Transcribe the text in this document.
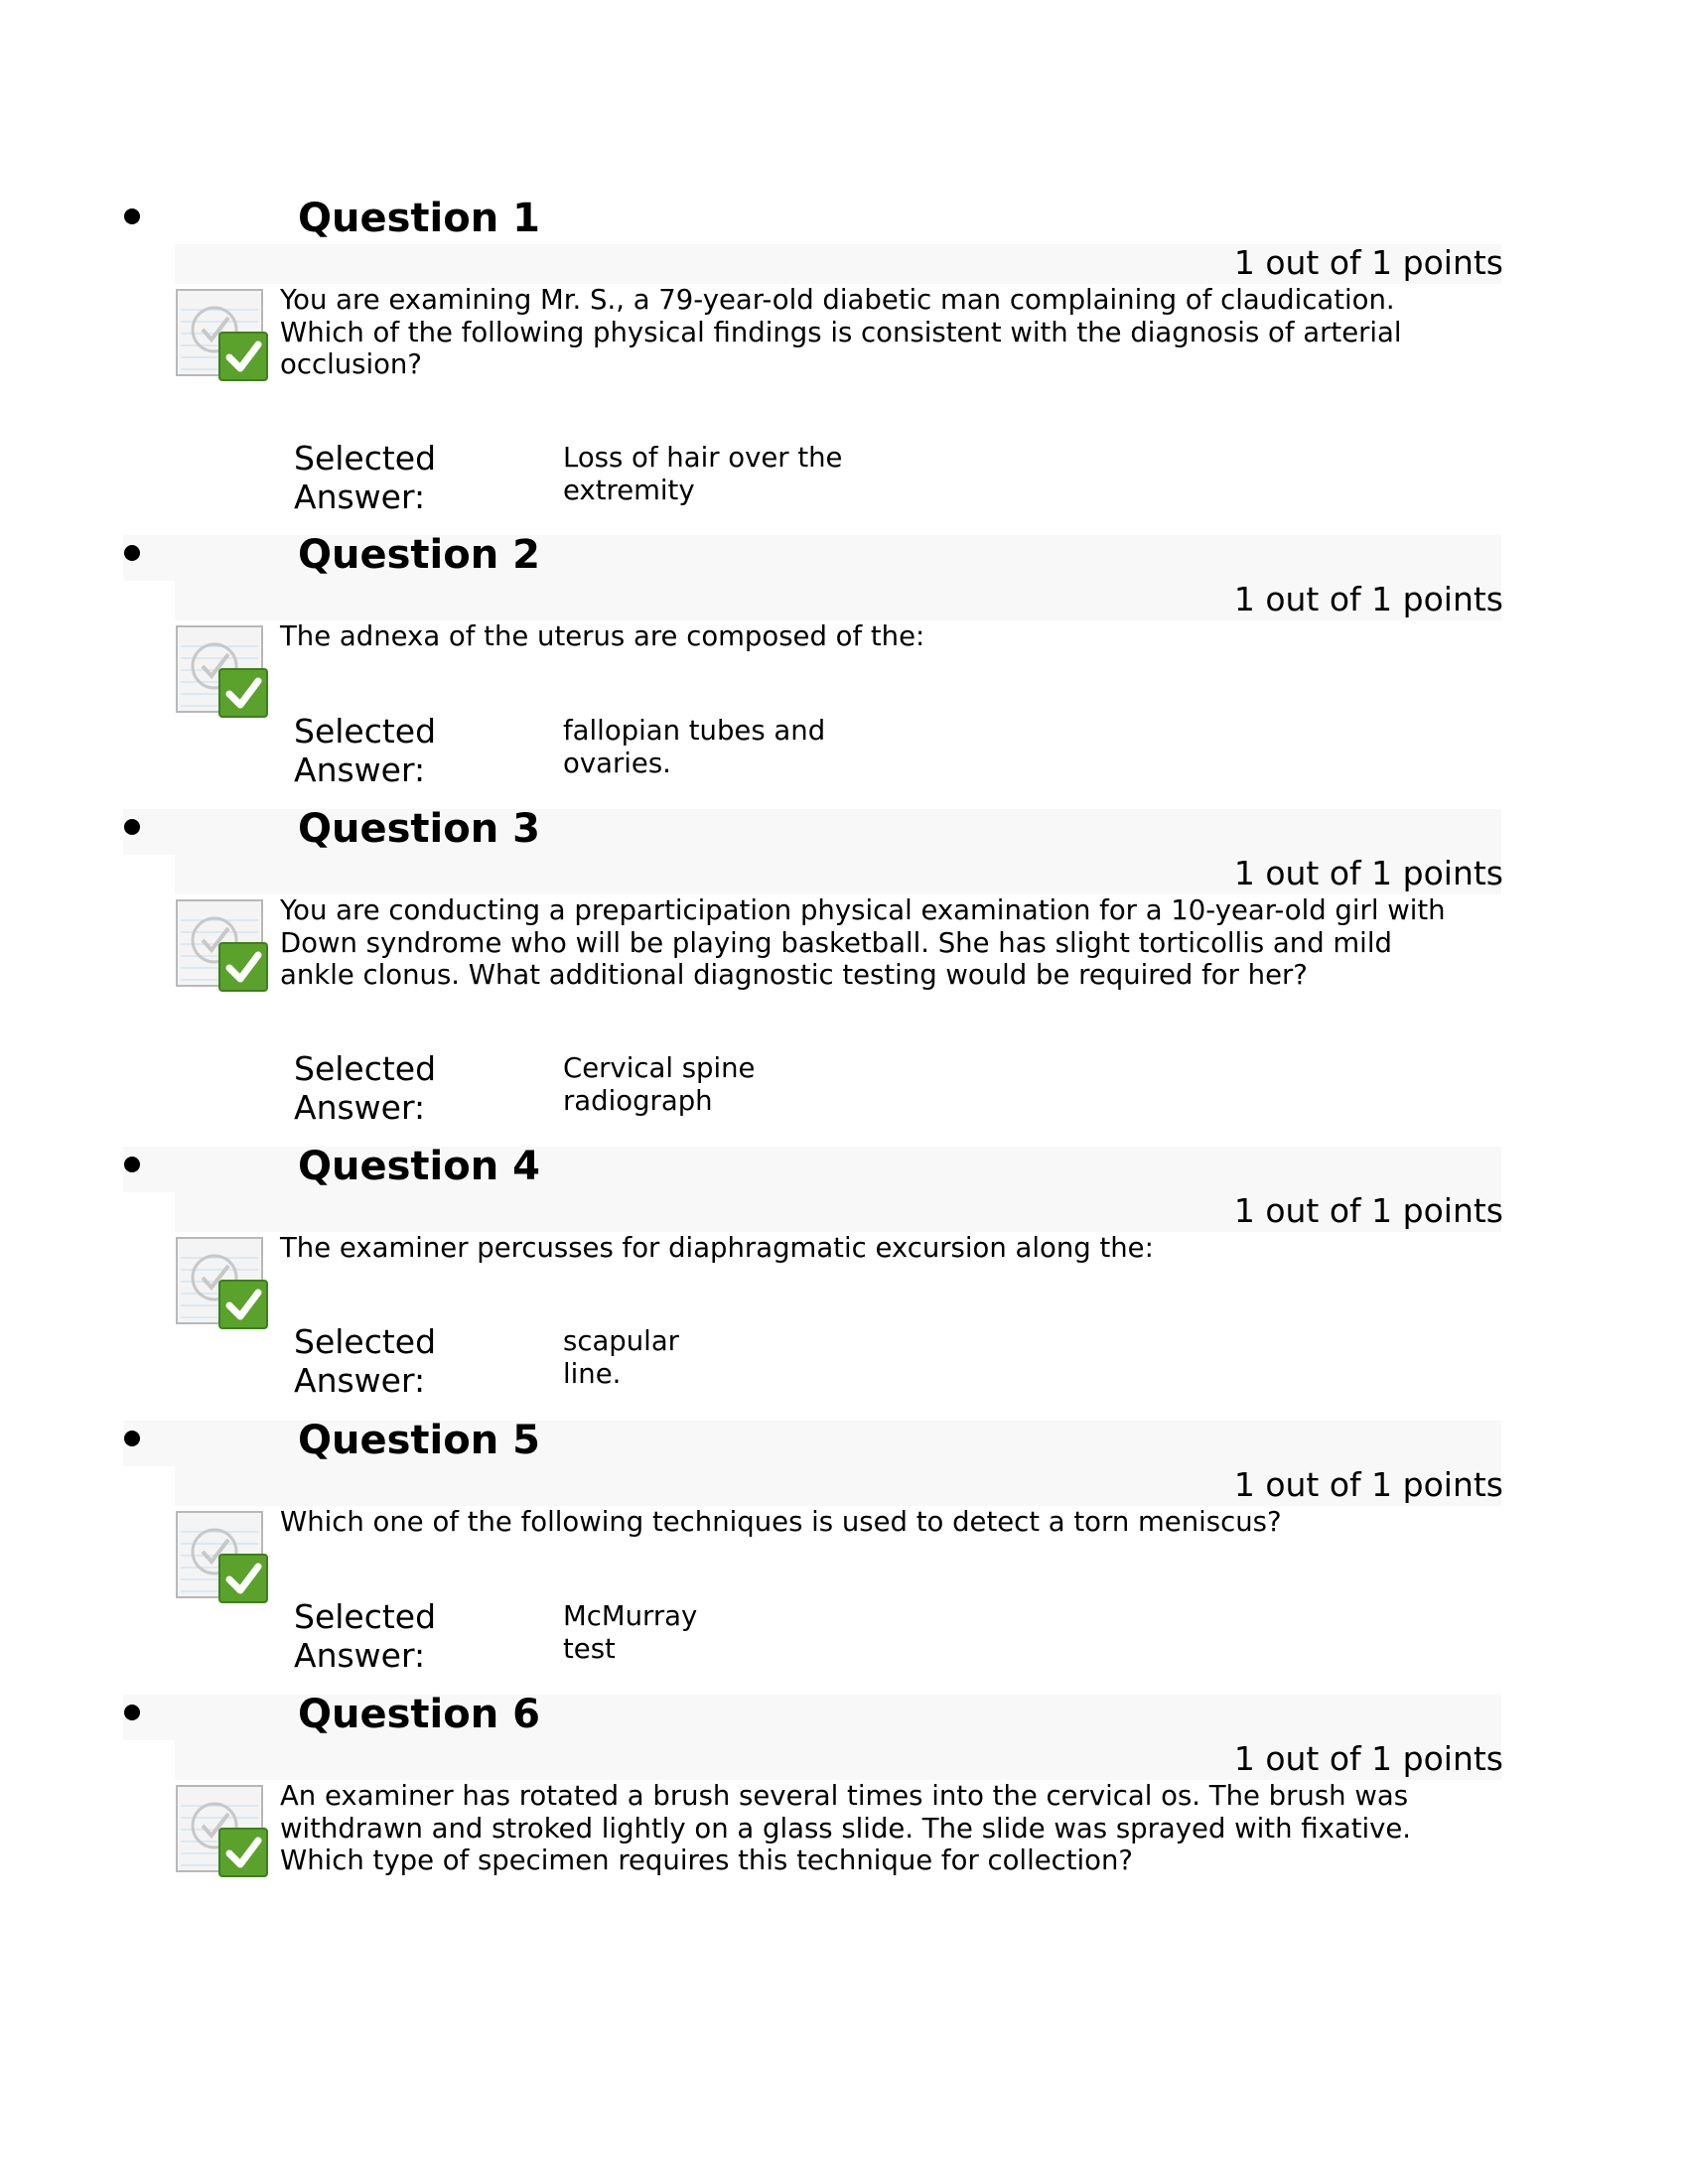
Question 1
1 out of 1 points
You are examining Mr. S., a 79-year-old diabetic man complaining of claudication. Which of the following physical findings is consistent with the diagnosis of arterial occlusion?
Selected Answer:
Loss of hair over the extremity
Question 2
1 out of 1 points
The adnexa of the uterus are composed of the:
Selected Answer:
fallopian tubes and ovaries.
Question 3
1 out of 1 points
You are conducting a preparticipation physical examination for a 10-year-old girl with Down syndrome who will be playing basketball. She has slight torticollis and mild ankle clonus. What additional diagnostic testing would be required for her?
Selected Answer:
Cervical spine radiograph
Question 4
1 out of 1 points
The examiner percusses for diaphragmatic excursion along the:
Selected Answer:
scapular line.
Question 5
1 out of 1 points
Which one of the following techniques is used to detect a torn meniscus?
Selected Answer:
McMurray test
Question 6
1 out of 1 points
An examiner has rotated a brush several times into the cervical os. The brush was withdrawn and stroked lightly on a glass slide. The slide was sprayed with fixative. Which type of specimen requires this technique for collection?
